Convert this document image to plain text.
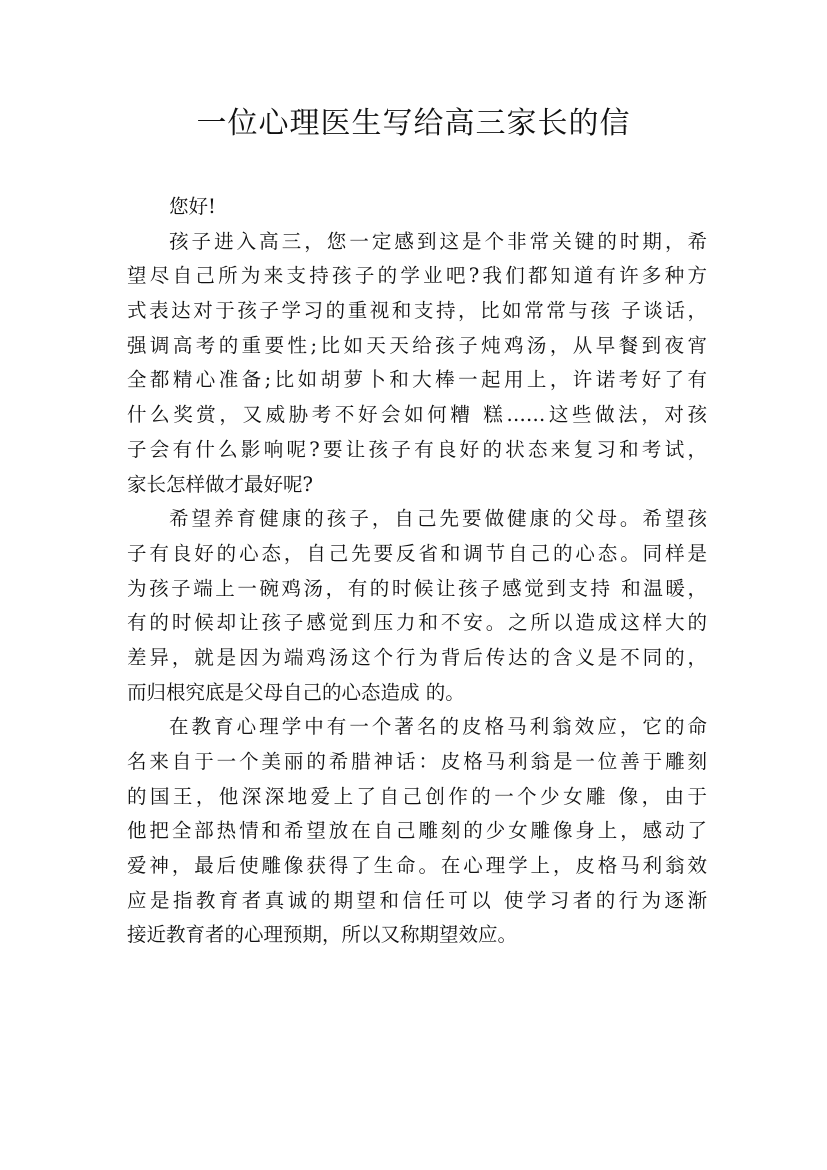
一位心理医生写给高三家长的信
您好!
孩子进入高三，您一定感到这是个非常关键的时期，希
望尽自己所为来支持孩子的学业吧?我们都知道有许多种方
式表达对于孩子学习的重视和支持，比如常常与孩 子谈话，
强调高考的重要性;比如天天给孩子炖鸡汤，从早餐到夜宵
全都精心准备;比如胡萝卜和大棒一起用上，许诺考好了有
什么奖赏，又威胁考不好会如何糟 糕……这些做法，对孩
子会有什么影响呢?要让孩子有良好的状态来复习和考试，
家长怎样做才最好呢?
希望养育健康的孩子，自己先要做健康的父母。希望孩
子有良好的心态，自己先要反省和调节自己的心态。同样是
为孩子端上一碗鸡汤，有的时候让孩子感觉到支持 和温暖，
有的时候却让孩子感觉到压力和不安。之所以造成这样大的
差异，就是因为端鸡汤这个行为背后传达的含义是不同的，
而归根究底是父母自己的心态造成 的。
在教育心理学中有一个著名的皮格马利翁效应，它的命
名来自于一个美丽的希腊神话：皮格马利翁是一位善于雕刻
的国王，他深深地爱上了自己创作的一个少女雕 像，由于
他把全部热情和希望放在自己雕刻的少女雕像身上，感动了
爱神，最后使雕像获得了生命。在心理学上，皮格马利翁效
应是指教育者真诚的期望和信任可以 使学习者的行为逐渐
接近教育者的心理预期，所以又称期望效应。
